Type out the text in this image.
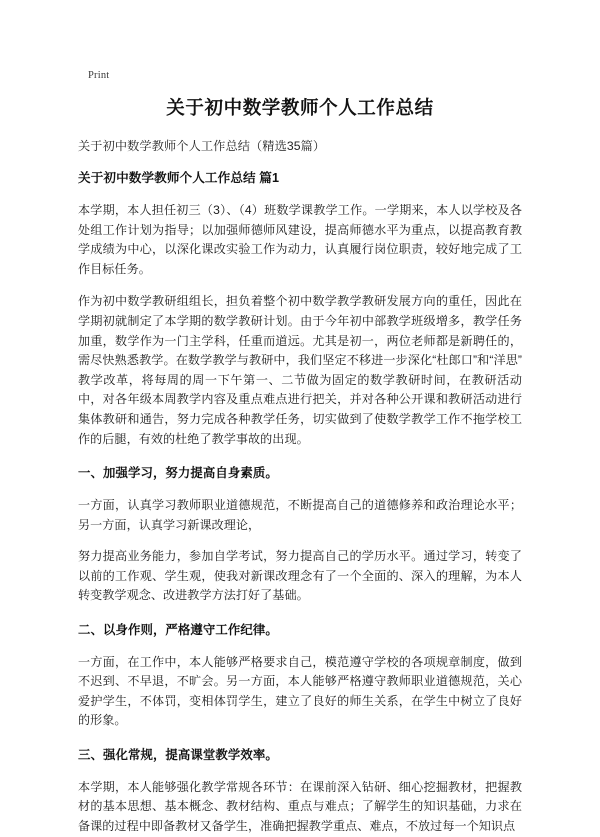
Print
关于初中数学教师个人工作总结

关于初中数学教师个人工作总结（精选35篇）

关于初中数学教师个人工作总结 篇1

本学期，本人担任初三（3）、（4）班数学课教学工作。一学期来，本人以学校及各处组工作计划为指导；以加强师德师风建设，提高师德水平为重点，以提高教育教学成绩为中心，以深化课改实验工作为动力，认真履行岗位职责，较好地完成了工作目标任务。

作为初中数学教研组组长，担负着整个初中数学教学教研发展方向的重任，因此在学期初就制定了本学期的数学教研计划。由于今年初中部教学班级增多，教学任务加重，数学作为一门主学科，任重而道远。尤其是初一，两位老师都是新聘任的，需尽快熟悉教学。在数学教学与教研中，我们坚定不移进一步深化“杜郎口”和“洋思”教学改革，将每周的周一下午第一、二节做为固定的数学教研时间，在教研活动中，对各年级本周教学内容及重点难点进行把关，并对各种公开课和教研活动进行集体教研和通告，努力完成各种教学任务，切实做到了使数学教学工作不拖学校工作的后腿，有效的杜绝了教学事故的出现。

一、加强学习，努力提高自身素质。

一方面，认真学习教师职业道德规范，不断提高自己的道德修养和政治理论水平；另一方面，认真学习新课改理论，

努力提高业务能力，参加自学考试，努力提高自己的学历水平。通过学习，转变了以前的工作观、学生观，使我对新课改理念有了一个全面的、深入的理解，为本人转变教学观念、改进教学方法打好了基础。

二、以身作则，严格遵守工作纪律。

一方面，在工作中，本人能够严格要求自己，模范遵守学校的各项规章制度，做到不迟到、不早退，不旷会。另一方面，本人能够严格遵守教师职业道德规范，关心爱护学生，不体罚，变相体罚学生，建立了良好的师生关系，在学生中树立了良好的形象。

三、强化常规，提高课堂教学效率。

本学期，本人能够强化教学常规各环节：在课前深入钻研、细心挖掘教材，把握教材的基本思想、基本概念、教材结构、重点与难点；了解学生的知识基础，力求在备课的过程中即备教材又备学生，准确把握教学重点、难点，不放过每一个知识点
